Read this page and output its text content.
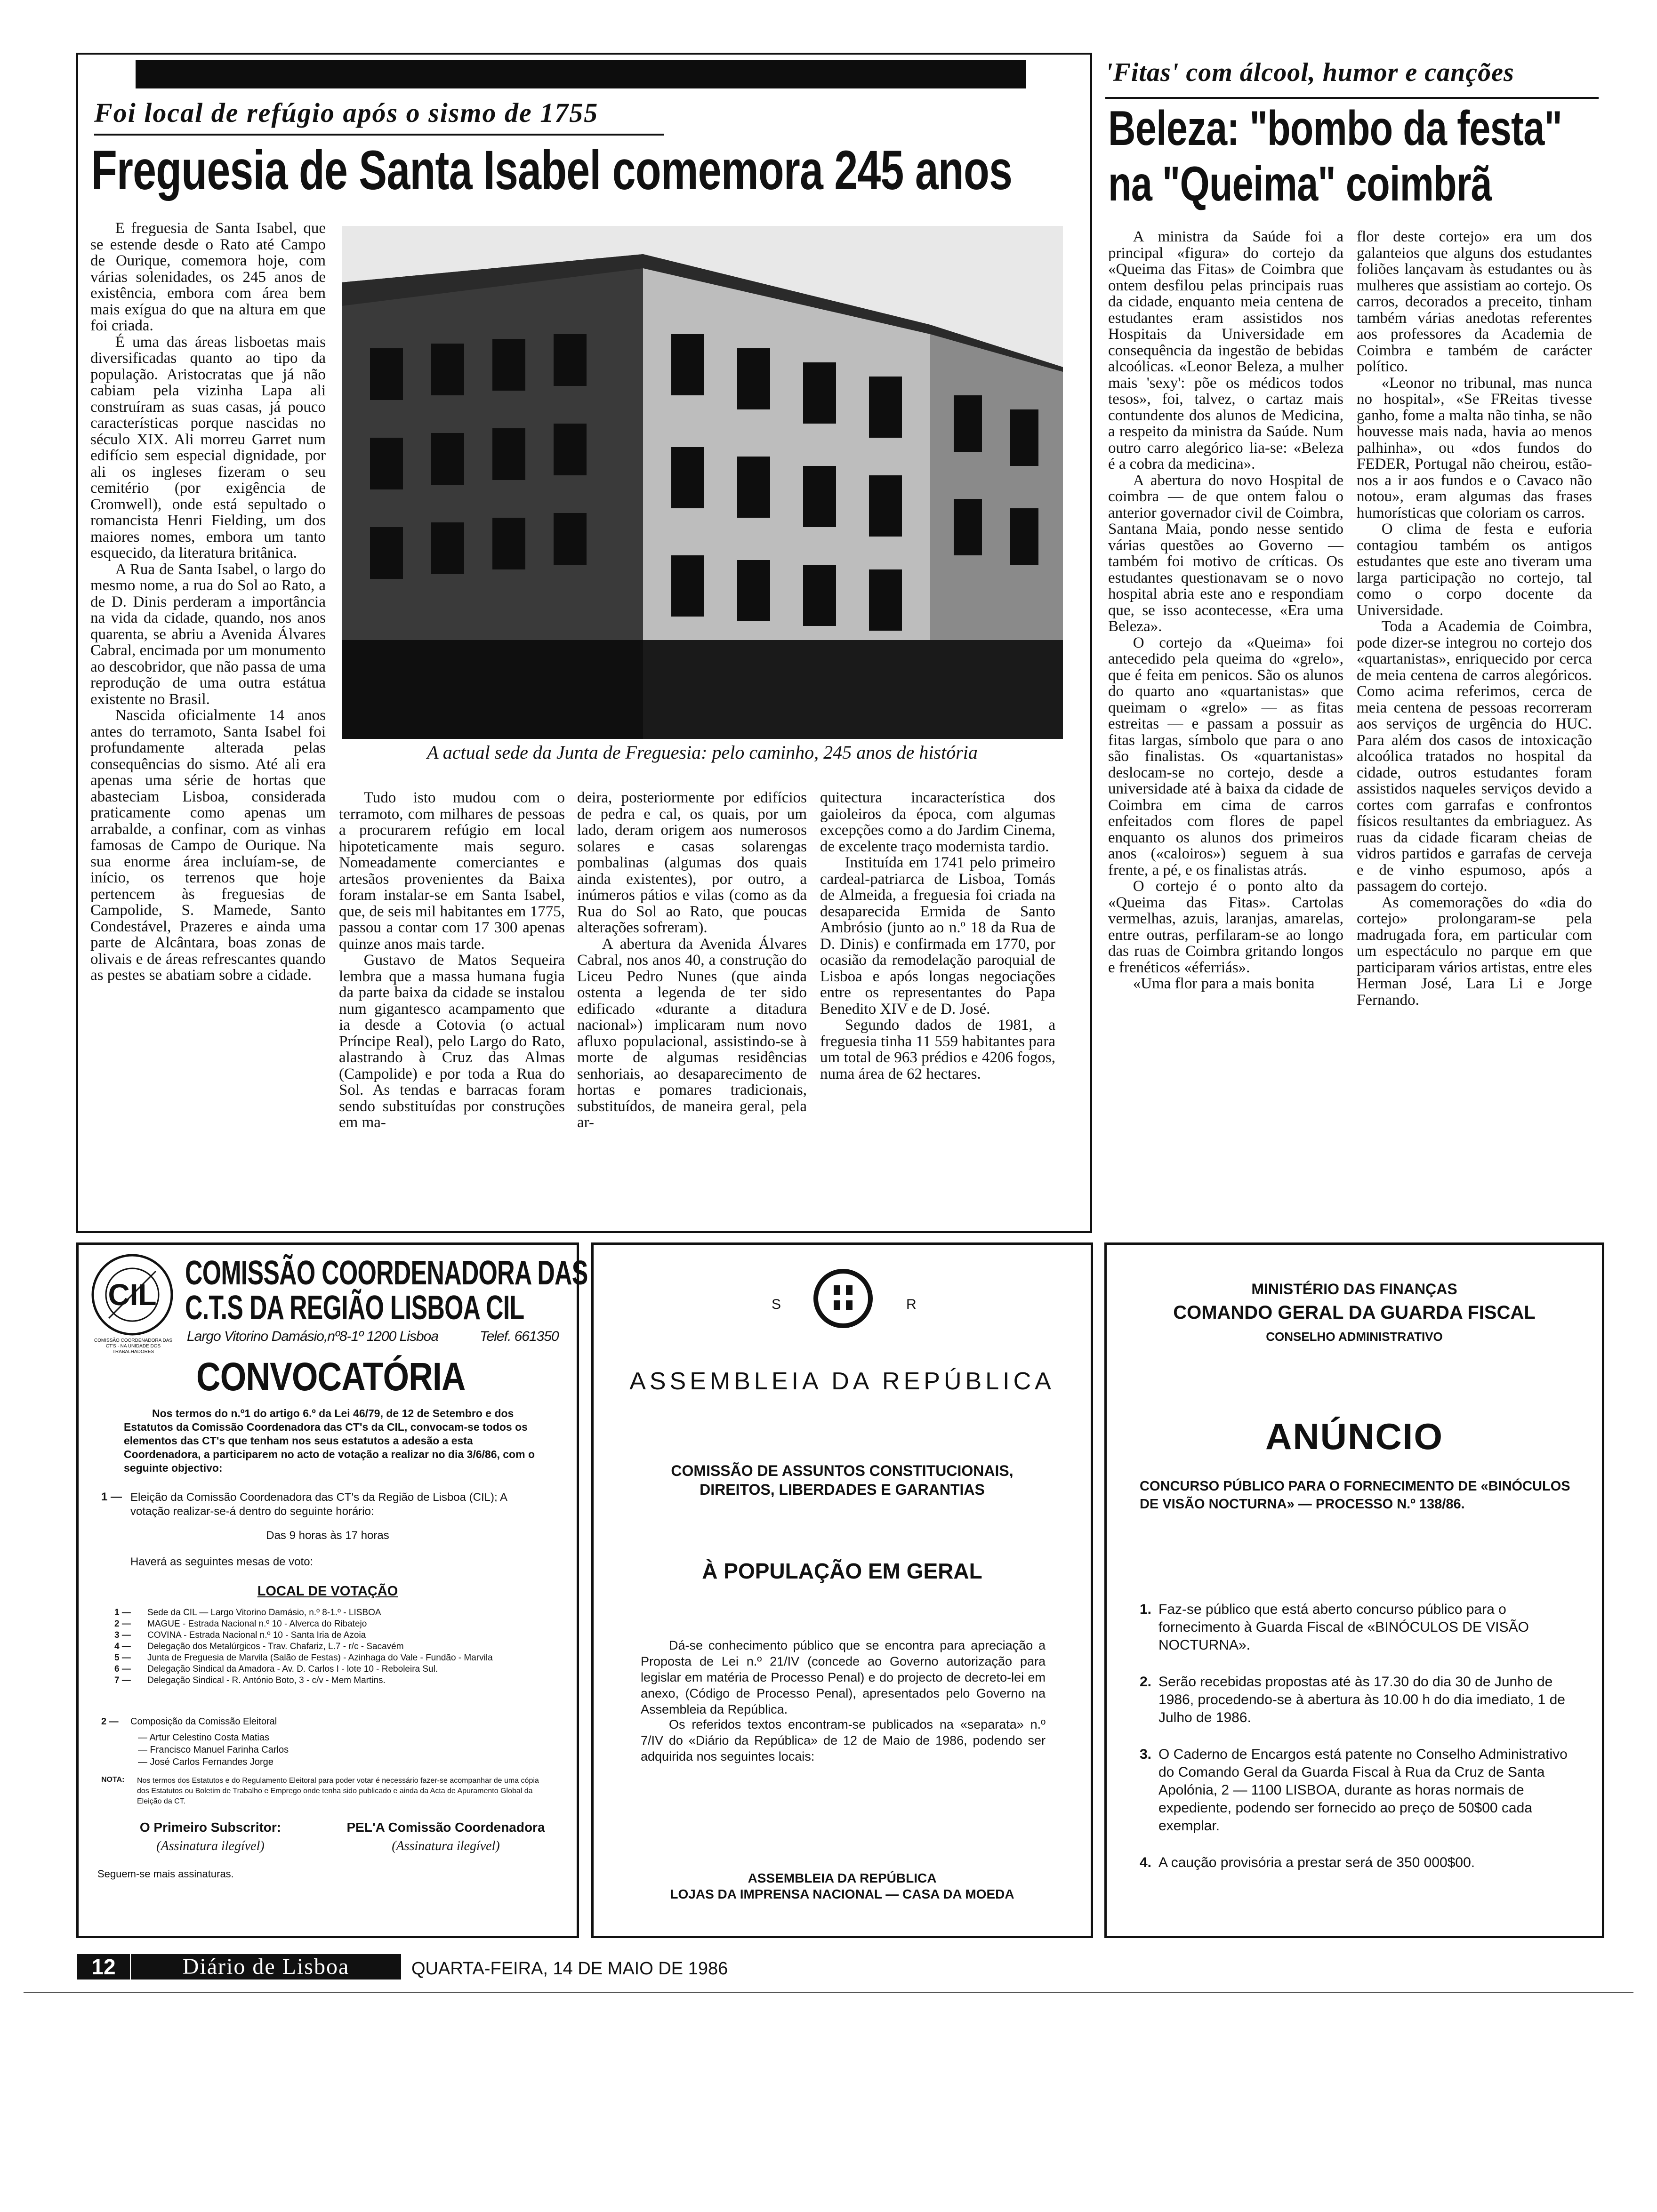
Foi local de refúgio após o sismo de 1755
Freguesia de Santa Isabel comemora 245 anos
A actual sede da Junta de Freguesia: pelo caminho, 245 anos de história

E freguesia de Santa Isabel, que se estende desde o Rato até Campo de Ourique, comemora hoje, com várias solenidades, os 245 anos de existência, embora com área bem mais exígua do que na altura em que foi criada.

É uma das áreas lisboetas mais diversificadas quanto ao tipo da população. Aristocratas que já não cabiam pela vizinha Lapa ali construíram as suas casas, já pouco características porque nascidas no século XIX. Ali morreu Garret num edifício sem especial dignidade, por ali os ingleses fizeram o seu cemitério (por exigência de Cromwell), onde está sepultado o romancista Henri Fielding, um dos maiores nomes, embora um tanto esquecido, da literatura britânica.

A Rua de Santa Isabel, o largo do mesmo nome, a rua do Sol ao Rato, a de D. Dinis perderam a importância na vida da cidade, quando, nos anos quarenta, se abriu a Avenida Álvares Cabral, encimada por um monumento ao descobridor, que não passa de uma reprodução de uma outra estátua existente no Brasil.

Nascida oficialmente 14 anos antes do terramoto, Santa Isabel foi profundamente alterada pelas consequências do sismo. Até ali era apenas uma série de hortas que abasteciam Lisboa, considerada praticamente como apenas um arrabalde, a confinar, com as vinhas famosas de Campo de Ourique. Na sua enorme área incluíam-se, de início, os terrenos que hoje pertencem às freguesias de Campolide, S. Mamede, Santo Condestável, Prazeres e ainda uma parte de Alcântara, boas zonas de olivais e de áreas refrescantes quando as pestes se abatiam sobre a cidade.

Tudo isto mudou com o terramoto, com milhares de pessoas a procurarem refúgio em local hipoteticamente mais seguro. Nomeadamente comerciantes e artesãos provenientes da Baixa foram instalar-se em Santa Isabel, que, de seis mil habitantes em 1775, passou a contar com 17 300 apenas quinze anos mais tarde.

Gustavo de Matos Sequeira lembra que a massa humana fugia da parte baixa da cidade se instalou num gigantesco acampamento que ia desde a Cotovia (o actual Príncipe Real), pelo Largo do Rato, alastrando à Cruz das Almas (Campolide) e por toda a Rua do Sol. As tendas e barracas foram sendo substituídas por construções em ma-

deira, posteriormente por edifícios de pedra e cal, os quais, por um lado, deram origem aos numerosos solares e casas solarengas pombalinas (algumas dos quais ainda existentes), por outro, a inúmeros pátios e vilas (como as da Rua do Sol ao Rato, que poucas alterações sofreram).

A abertura da Avenida Álvares Cabral, nos anos 40, a construção do Liceu Pedro Nunes (que ainda ostenta a legenda de ter sido edificado «durante a ditadura nacional») implicaram num novo afluxo populacional, assistindo-se à morte de algumas residências senhoriais, ao desaparecimento de hortas e pomares tradicionais, substituídos, de maneira geral, pela ar-

quitectura incaracterística dos gaioleiros da época, com algumas excepções como a do Jardim Cinema, de excelente traço modernista tardio.

Instituída em 1741 pelo primeiro cardeal-patriarca de Lisboa, Tomás de Almeida, a freguesia foi criada na desaparecida Ermida de Santo Ambrósio (junto ao n.º 18 da Rua de D. Dinis) e confirmada em 1770, por ocasião da remodelação paroquial de Lisboa e após longas negociações entre os representantes do Papa Benedito XIV e de D. José.

Segundo dados de 1981, a freguesia tinha 11 559 habitantes para um total de 963 prédios e 4206 fogos, numa área de 62 hectares.

'Fitas' com álcool, humor e canções
Beleza: "bombo da festa"
na "Queima" coimbrã

A ministra da Saúde foi a principal «figura» do cortejo da «Queima das Fitas» de Coimbra que ontem desfilou pelas principais ruas da cidade, enquanto meia centena de estudantes eram assistidos nos Hospitais da Universidade em consequência da ingestão de bebidas alcoólicas. «Leonor Beleza, a mulher mais 'sexy': põe os médicos todos tesos», foi, talvez, o cartaz mais contundente dos alunos de Medicina, a respeito da ministra da Saúde. Num outro carro alegórico lia-se: «Beleza é a cobra da medicina».

A abertura do novo Hospital de coimbra — de que ontem falou o anterior governador civil de Coimbra, Santana Maia, pondo nesse sentido várias questões ao Governo — também foi motivo de críticas. Os estudantes questionavam se o novo hospital abria este ano e respondiam que, se isso acontecesse, «Era uma Beleza».

O cortejo da «Queima» foi antecedido pela queima do «grelo», que é feita em penicos. São os alunos do quarto ano «quartanistas» que queimam o «grelo» — as fitas estreitas — e passam a possuir as fitas largas, símbolo que para o ano são finalistas. Os «quartanistas» deslocam-se no cortejo, desde a universidade até à baixa da cidade de Coimbra em cima de carros enfeitados com flores de papel enquanto os alunos dos primeiros anos («caloiros») seguem à sua frente, a pé, e os finalistas atrás.

O cortejo é o ponto alto da «Queima das Fitas». Cartolas vermelhas, azuis, laranjas, amarelas, entre outras, perfilaram-se ao longo das ruas de Coimbra gritando longos e frenéticos «éferriás».

«Uma flor para a mais bonita

flor deste cortejo» era um dos galanteios que alguns dos estudantes foliões lançavam às estudantes ou às mulheres que assistiam ao cortejo. Os carros, decorados a preceito, tinham também várias anedotas referentes aos professores da Academia de Coimbra e também de carácter político.

«Leonor no tribunal, mas nunca no hospital», «Se FReitas tivesse ganho, fome a malta não tinha, se não houvesse mais nada, havia ao menos palhinha», ou «dos fundos do FEDER, Portugal não cheirou, estão-nos a ir aos fundos e o Cavaco não notou», eram algumas das frases humorísticas que coloriam os carros.

O clima de festa e euforia contagiou também os antigos estudantes que este ano tiveram uma larga participação no cortejo, tal como o corpo docente da Universidade.

Toda a Academia de Coimbra, pode dizer-se integrou no cortejo dos «quartanistas», enriquecido por cerca de meia centena de carros alegóricos. Como acima referimos, cerca de meia centena de pessoas recorreram aos serviços de urgência do HUC. Para além dos casos de intoxicação alcoólica tratados no hospital da cidade, outros estudantes foram assistidos naqueles serviços devido a cortes com garrafas e confrontos físicos resultantes da embriaguez. As ruas da cidade ficaram cheias de vidros partidos e garrafas de cerveja e de vinho espumoso, após a passagem do cortejo.

As comemorações do «dia do cortejo» prolongaram-se pela madrugada fora, em particular com um espectáculo no parque em que participaram vários artistas, entre eles Herman José, Lara Li e Jorge Fernando.

CIL
COMISSÃO COORDENADORA DAS CT'S · NA UNIDADE DOS TRABALHADORES
COMISSÃO COORDENADORA DAS
C.T.S DA REGIÃO LISBOA CIL
Largo Vitorino Damásio,nº8-1º 1200 Lisboa	Telef. 661350
CONVOCATÓRIA
Nos termos do n.º1 do artigo 6.º da Lei 46/79, de 12 de Setembro e dos Estatutos da Comissão Coordenadora das CT's da CIL, convocam-se todos os elementos das CT's que tenham nos seus estatutos a adesão a esta Coordenadora, a participarem no acto de votação a realizar no dia 3/6/86, com o seguinte objectivo:
1 — Eleição da Comissão Coordenadora das CT's da Região de Lisboa (CIL); A votação realizar-se-á dentro do seguinte horário:
Das 9 horas às 17 horas
Haverá as seguintes mesas de voto:
LOCAL DE VOTAÇÃO
1 —	Sede da CIL — Largo Vitorino Damásio, n.º 8-1.º - LISBOA
2 —	MAGUE - Estrada Nacional n.º 10 - Alverca do Ribatejo
3 —	COVINA - Estrada Nacional n.º 10 - Santa Iria de Azoia
4 —	Delegação dos Metalúrgicos - Trav. Chafariz, L.7 - r/c - Sacavém
5 —	Junta de Freguesia de Marvila (Salão de Festas) - Azinhaga do Vale - Fundão - Marvila
6 —	Delegação Sindical da Amadora - Av. D. Carlos I - lote 10 - Reboleira Sul.
7 —	Delegação Sindical - R. António Boto, 3 - c/v - Mem Martins.
2 — Composição da Comissão Eleitoral
— Artur Celestino Costa Matias
— Francisco Manuel Farinha Carlos
— José Carlos Fernandes Jorge
NOTA: Nos termos dos Estatutos e do Regulamento Eleitoral para poder votar é necessário fazer-se acompanhar de uma cópia dos Estatutos ou Boletim de Trabalho e Emprego onde tenha sido publicado e ainda da Acta de Apuramento Global da Eleição da CT.
O Primeiro Subscritor:
(Assinatura ilegível)
PEL'A Comissão Coordenadora
(Assinatura ilegível)
Seguem-se mais assinaturas.
S	R
ASSEMBLEIA DA REPÚBLICA
COMISSÃO DE ASSUNTOS CONSTITUCIONAIS,
DIREITOS, LIBERDADES E GARANTIAS
À POPULAÇÃO EM GERAL
Dá-se conhecimento público que se encontra para apreciação a Proposta de Lei n.º 21/IV (concede ao Governo autorização para legislar em matéria de Processo Penal) e do projecto de decreto-lei em anexo, (Código de Processo Penal), apresentados pelo Governo na Assembleia da República.
Os referidos textos encontram-se publicados na «separata» n.º 7/IV do «Diário da República» de 12 de Maio de 1986, podendo ser adquirida nos seguintes locais:
ASSEMBLEIA DA REPÚBLICA
LOJAS DA IMPRENSA NACIONAL — CASA DA MOEDA
MINISTÉRIO DAS FINANÇAS
COMANDO GERAL DA GUARDA FISCAL
CONSELHO ADMINISTRATIVO
ANÚNCIO
CONCURSO PÚBLICO PARA O FORNECIMENTO DE «BINÓCULOS DE VISÃO NOCTURNA» — PROCESSO N.º 138/86.
1. Faz-se público que está aberto concurso público para o fornecimento à Guarda Fiscal de «BINÓCULOS DE VISÃO NOCTURNA».
2. Serão recebidas propostas até às 17.30 do dia 30 de Junho de 1986, procedendo-se à abertura às 10.00 h do dia imediato, 1 de Julho de 1986.
3. O Caderno de Encargos está patente no Conselho Administrativo do Comando Geral da Guarda Fiscal à Rua da Cruz de Santa Apolónia, 2 — 1100 LISBOA, durante as horas normais de expediente, podendo ser fornecido ao preço de 50$00 cada exemplar.
4. A caução provisória a prestar será de 350 000$00.
12	Diário de Lisboa	QUARTA-FEIRA, 14 DE MAIO DE 1986
